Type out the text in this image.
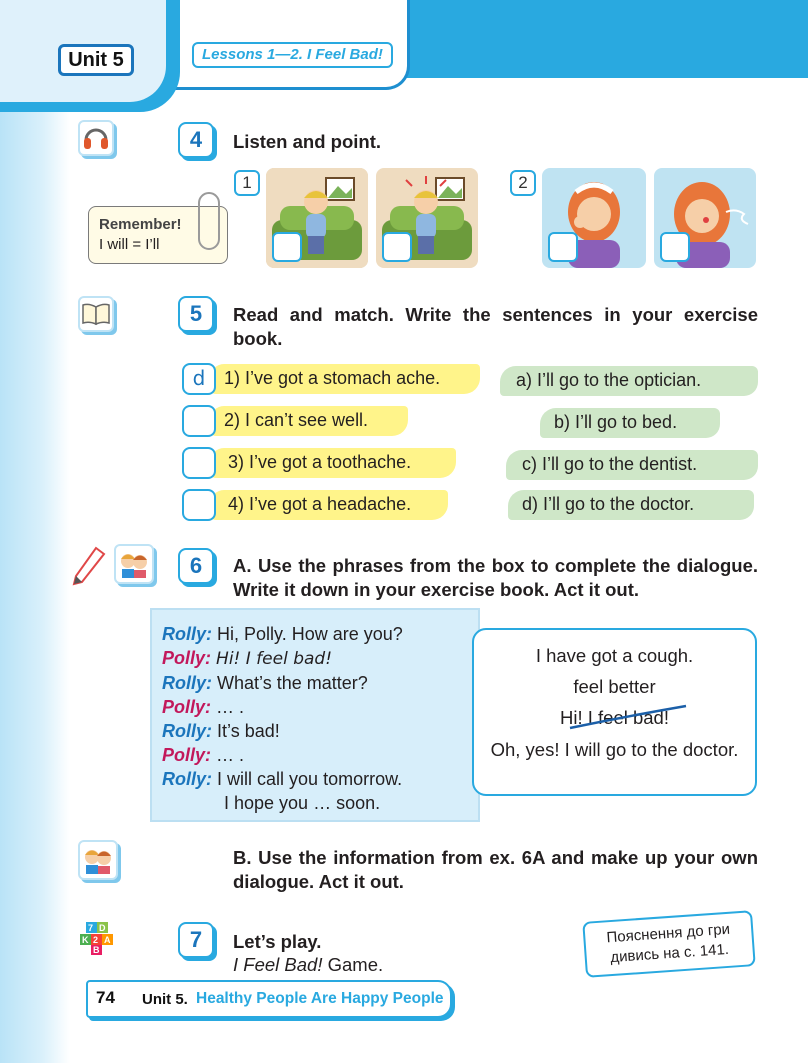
Unit 5	Lessons 1—2. I Feel Bad!
4	Listen and point.
Remember!
I will = I’ll
1	2
5	Read and match. Write the sentences in your exercise book.
d	1) I’ve got a stomach ache.
2) I can’t see well.
3) I’ve got a toothache.
4) I’ve got a headache.
a) I’ll go to the optician.
b) I’ll go to bed.
c) I’ll go to the dentist.
d) I’ll go to the doctor.
6	A. Use the phrases from the box to complete the dialogue. Write it down in your exercise book. Act it out.
Rolly: Hi, Polly. How are you?
Polly: Hi! I feel bad!
Rolly: What’s the matter?
Polly: … .
Rolly: It’s bad!
Polly: … .
Rolly: I will call you tomorrow.
I hope you … soon.
I have got a cough.
feel better
Hi! I feel bad!
Oh, yes! I will go to the doctor.
B. Use the information from ex. 6A and make up your own dialogue. Act it out.
7 D
K 2 A
B	7	Let’s play.
I Feel Bad! Game.
Пояснення до гри дивись на с. 141.
74 Unit 5. Healthy People Are Happy People
